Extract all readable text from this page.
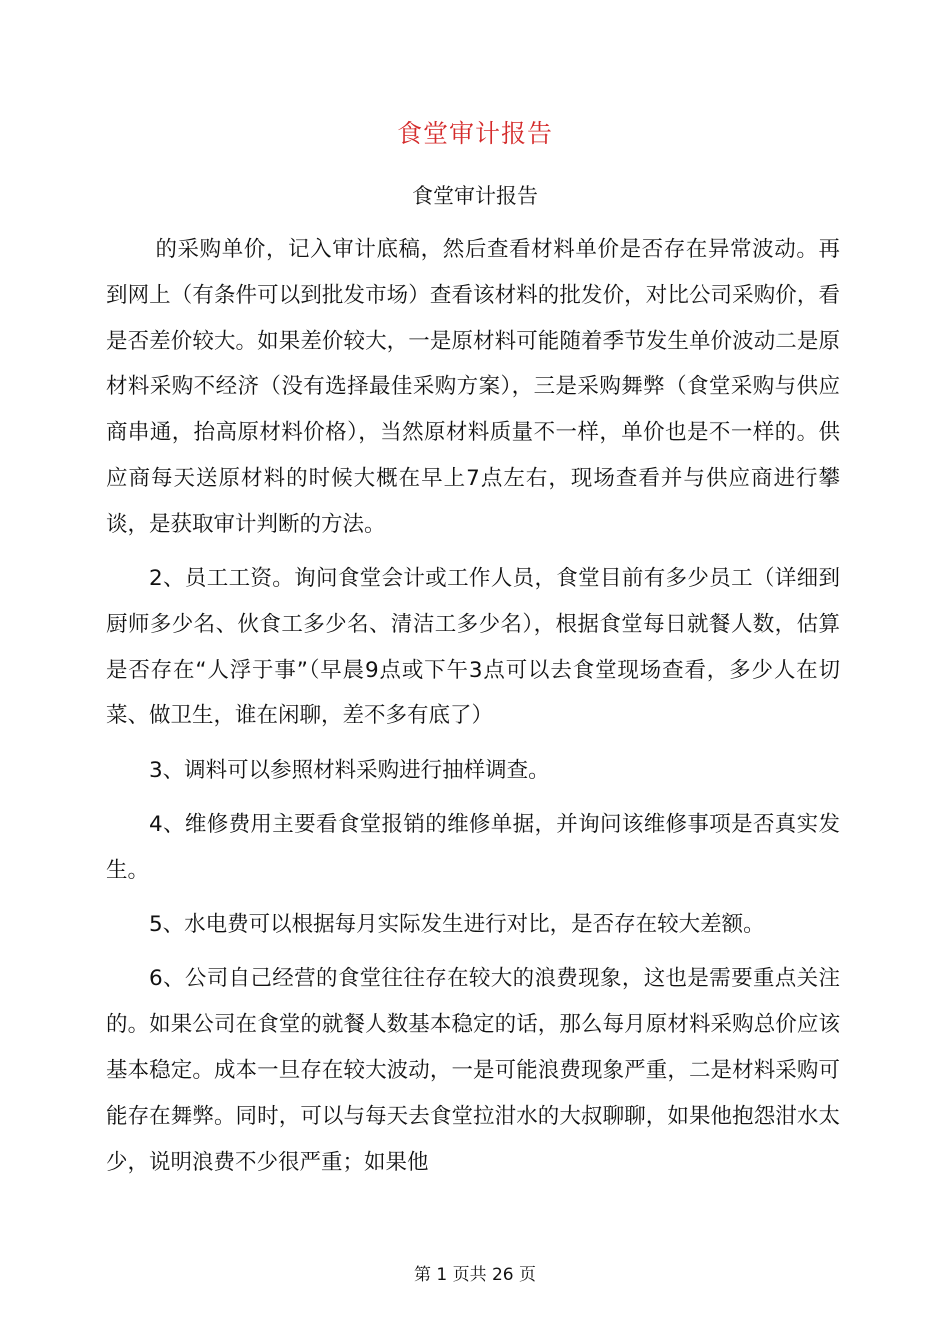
食堂审计报告
食堂审计报告

的采购单价，记入审计底稿，然后查看材料单价是否存在异常波动。再到网上（有条件可以到批发市场）查看该材料的批发价，对比公司采购价，看是否差价较大。如果差价较大，一是原材料可能随着季节发生单价波动二是原材料采购不经济（没有选择最佳采购方案），三是采购舞弊（食堂采购与供应商串通，抬高原材料价格），当然原材料质量不一样，单价也是不一样的。供应商每天送原材料的时候大概在早上7点左右，现场查看并与供应商进行攀谈，是获取审计判断的方法。

2、员工工资。询问食堂会计或工作人员，食堂目前有多少员工（详细到厨师多少名、伙食工多少名、清洁工多少名），根据食堂每日就餐人数，估算是否存在“人浮于事”（早晨9点或下午3点可以去食堂现场查看，多少人在切菜、做卫生，谁在闲聊，差不多有底了）

3、调料可以参照材料采购进行抽样调查。

4、维修费用主要看食堂报销的维修单据，并询问该维修事项是否真实发生。

5、水电费可以根据每月实际发生进行对比，是否存在较大差额。

6、公司自己经营的食堂往往存在较大的浪费现象，这也是需要重点关注的。如果公司在食堂的就餐人数基本稳定的话，那么每月原材料采购总价应该基本稳定。成本一旦存在较大波动，一是可能浪费现象严重，二是材料采购可能存在舞弊。同时，可以与每天去食堂拉泔水的大叔聊聊，如果他抱怨泔水太少，说明浪费不少很严重；如果他

第 1 页共 26 页
